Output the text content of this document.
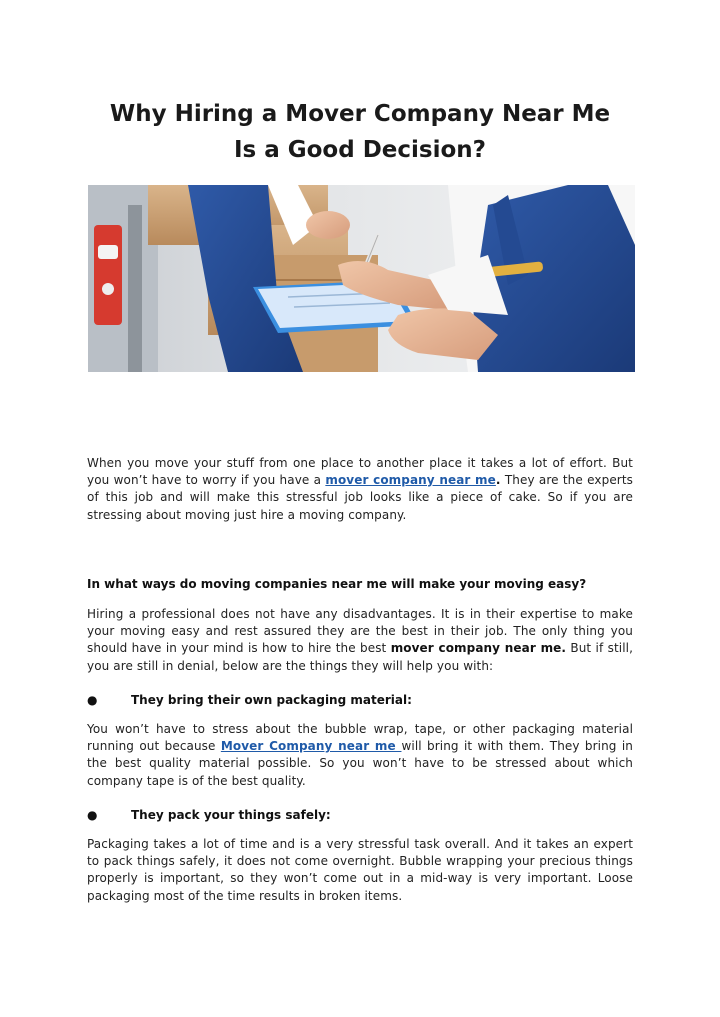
Why Hiring a Mover Company Near Me
Is a Good Decision?

When you move your stuff from one place to another place it takes a lot of effort. But you won’t have to worry if you have a mover company near me. They are the experts of this job and will make this stressful job looks like a piece of cake. So if you are stressing about moving just hire a moving company.

In what ways do moving companies near me will make your moving easy?

Hiring a professional does not have any disadvantages. It is in their expertise to make your moving easy and rest assured they are the best in their job. The only thing you should have in your mind is how to hire the best mover company near me. But if still, you are still in denial, below are the things they will help you with:

●	They bring their own packaging material:

You won’t have to stress about the bubble wrap, tape, or other packaging material running out because Mover Company near me will bring it with them. They bring in the best quality material possible. So you won’t have to be stressed about which company tape is of the best quality.

●	They pack your things safely:

Packaging takes a lot of time and is a very stressful task overall. And it takes an expert to pack things safely, it does not come overnight. Bubble wrapping your precious things properly is important, so they won’t come out in a mid-way is very important. Loose packaging most of the time results in broken items.
